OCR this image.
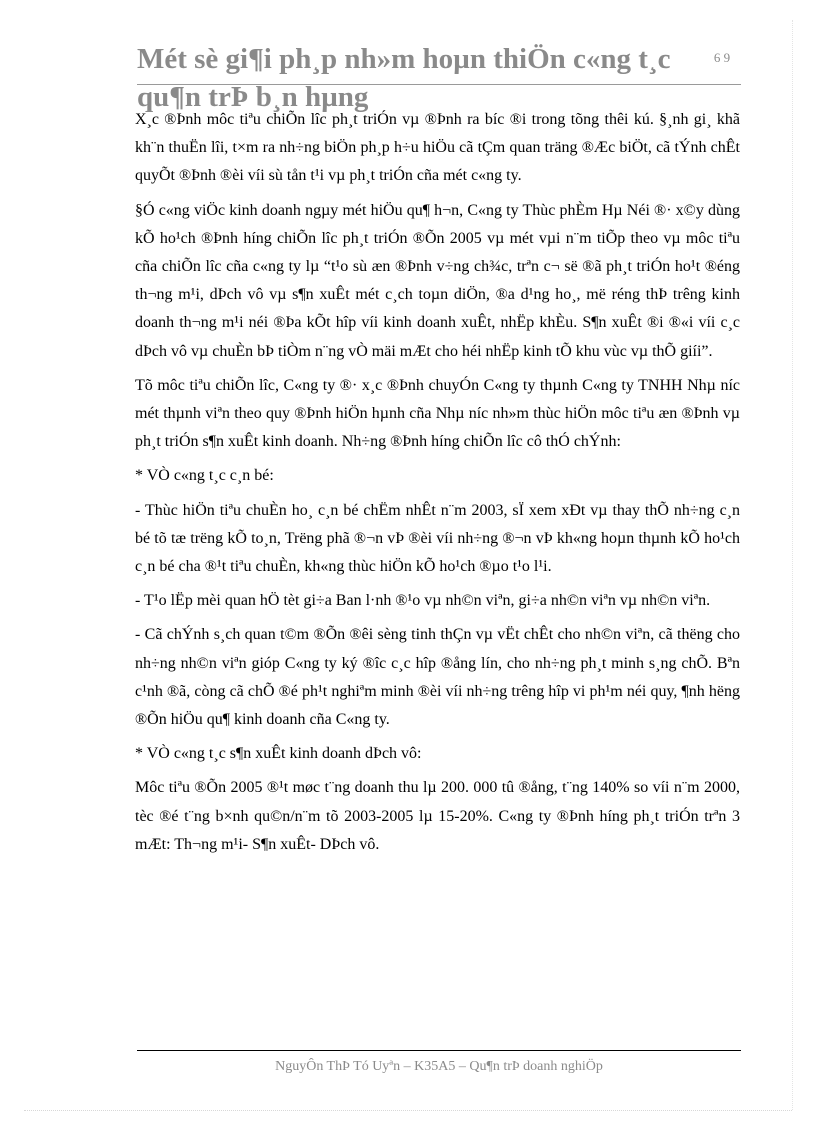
Mét sè gi¶i ph¸p nh»m hoµn thiÖn c«ng t¸c qu¶n trÞ b¸n hµng
6 9

X¸c ®Þnh môc tiªu chiÕn lîc ph¸t triÓn vµ ®Þnh ra bíc ®i trong tõng thêi kú. §¸nh gi¸ khã kh¨n thuËn lîi, t×m ra nh÷ng biÖn ph¸p h÷u hiÖu cã tÇm quan träng ®Æc biÖt, cã tÝnh chÊt quyÕt ®Þnh ®èi víi sù tån t¹i vµ ph¸t triÓn cña mét c«ng ty.

§Ó c«ng viÖc kinh doanh ngµy mét hiÖu qu¶ h¬n, C«ng ty Thùc phÈm Hµ Néi ®· x©y dùng kÕ ho¹ch ®Þnh híng chiÕn lîc ph¸t triÓn ®Õn 2005 vµ mét vµi n¨m tiÕp theo vµ môc tiªu cña chiÕn lîc cña c«ng ty lµ “t¹o sù æn ®Þnh v÷ng ch¾c, trªn c¬ së ®ã ph¸t triÓn ho¹t ®éng th¬ng m¹i, dÞch vô vµ s¶n xuÊt mét c¸ch toµn diÖn, ®a d¹ng ho¸, më réng thÞ trêng kinh doanh th¬ng m¹i néi ®Þa kÕt hîp víi kinh doanh xuÊt, nhËp khÈu. S¶n xuÊt ®i ®«i víi c¸c dÞch vô vµ chuÈn bÞ tiÒm n¨ng vÒ mäi mÆt cho héi nhËp kinh tÕ khu vùc vµ thÕ giíi”.

Tõ môc tiªu chiÕn lîc, C«ng ty ®· x¸c ®Þnh chuyÓn C«ng ty thµnh C«ng ty TNHH Nhµ níc mét thµnh viªn theo quy ®Þnh hiÖn hµnh cña Nhµ níc nh»m thùc hiÖn môc tiªu æn ®Þnh vµ ph¸t triÓn s¶n xuÊt kinh doanh. Nh÷ng ®Þnh híng chiÕn lîc cô thÓ chÝnh:

* VÒ c«ng t¸c c¸n bé:

- Thùc hiÖn tiªu chuÈn ho¸ c¸n bé chËm nhÊt n¨m 2003, sÏ xem xÐt vµ thay thÕ nh÷ng c¸n bé tõ tæ trëng kÕ to¸n, Trëng phã ®¬n vÞ ®èi víi nh÷ng ®¬n vÞ kh«ng hoµn thµnh kÕ ho¹ch c¸n bé cha ®¹t tiªu chuÈn, kh«ng thùc hiÖn kÕ ho¹ch ®µo t¹o l¹i.

- T¹o lËp mèi quan hÖ tèt gi÷a Ban l·nh ®¹o vµ nh©n viªn, gi÷a nh©n viªn vµ nh©n viªn.

- Cã chÝnh s¸ch quan t©m ®Õn ®êi sèng tinh thÇn vµ vËt chÊt cho nh©n viªn, cã thëng cho nh÷ng nh©n viªn gióp C«ng ty ký ®îc c¸c hîp ®ång lín, cho nh÷ng ph¸t minh s¸ng chÕ. Bªn c¹nh ®ã, còng cã chÕ ®é ph¹t nghiªm minh ®èi víi nh÷ng trêng hîp vi ph¹m néi quy, ¶nh hëng ®Õn hiÖu qu¶ kinh doanh cña C«ng ty.

* VÒ c«ng t¸c s¶n xuÊt kinh doanh dÞch vô:

Môc tiªu ®Õn 2005 ®¹t møc t¨ng doanh thu lµ 200. 000 tû ®ång, t¨ng 140% so víi n¨m 2000, tèc ®é t¨ng b×nh qu©n/n¨m tõ 2003-2005 lµ 15-20%. C«ng ty ®Þnh híng ph¸t triÓn trªn 3 mÆt: Th¬ng m¹i- S¶n xuÊt- DÞch vô.

NguyÔn ThÞ Tó Uyªn – K35A5 – Qu¶n trÞ doanh nghiÖp
